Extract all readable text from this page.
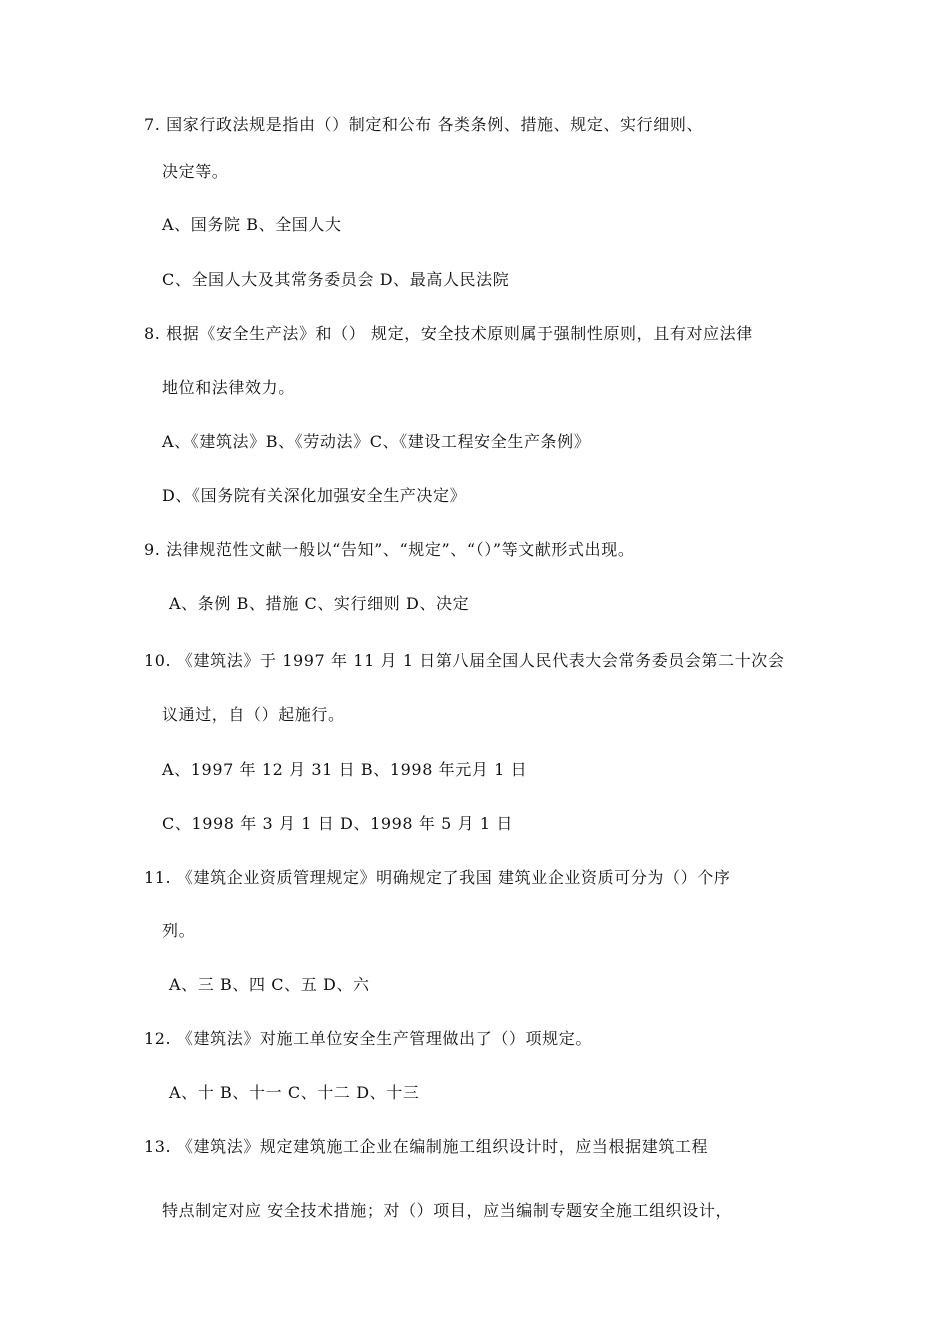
7. 国家行政法规是指由（）制定和公布 各类条例、措施、规定、实行细则、
决定等。
A、国务院 B、全国人大
C、全国人大及其常务委员会 D、最高人民法院
8. 根据《安全生产法》和（） 规定，安全技术原则属于强制性原则，且有对应法律
地位和法律效力。
A、《建筑法》B、《劳动法》C、《建设工程安全生产条例》
D、《国务院有关深化加强安全生产决定》
9. 法律规范性文献一般以“告知”、“规定”、“（）”等文献形式出现。
A、条例 B、措施 C、实行细则 D、决定
10. 《建筑法》于 1997 年 11 月 1 日第八届全国人民代表大会常务委员会第二十次会
议通过，自（）起施行。
A、1997 年 12 月 31 日 B、1998 年元月 1 日
C、1998 年 3 月 1 日 D、1998 年 5 月 1 日
11. 《建筑企业资质管理规定》明确规定了我国 建筑业企业资质可分为（）个序
列。
A、三 B、四 C、五 D、六
12. 《建筑法》对施工单位安全生产管理做出了（）项规定。
A、十 B、十一 C、十二 D、十三
13. 《建筑法》规定建筑施工企业在编制施工组织设计时，应当根据建筑工程
特点制定对应 安全技术措施；对（）项目，应当编制专题安全施工组织设计，
